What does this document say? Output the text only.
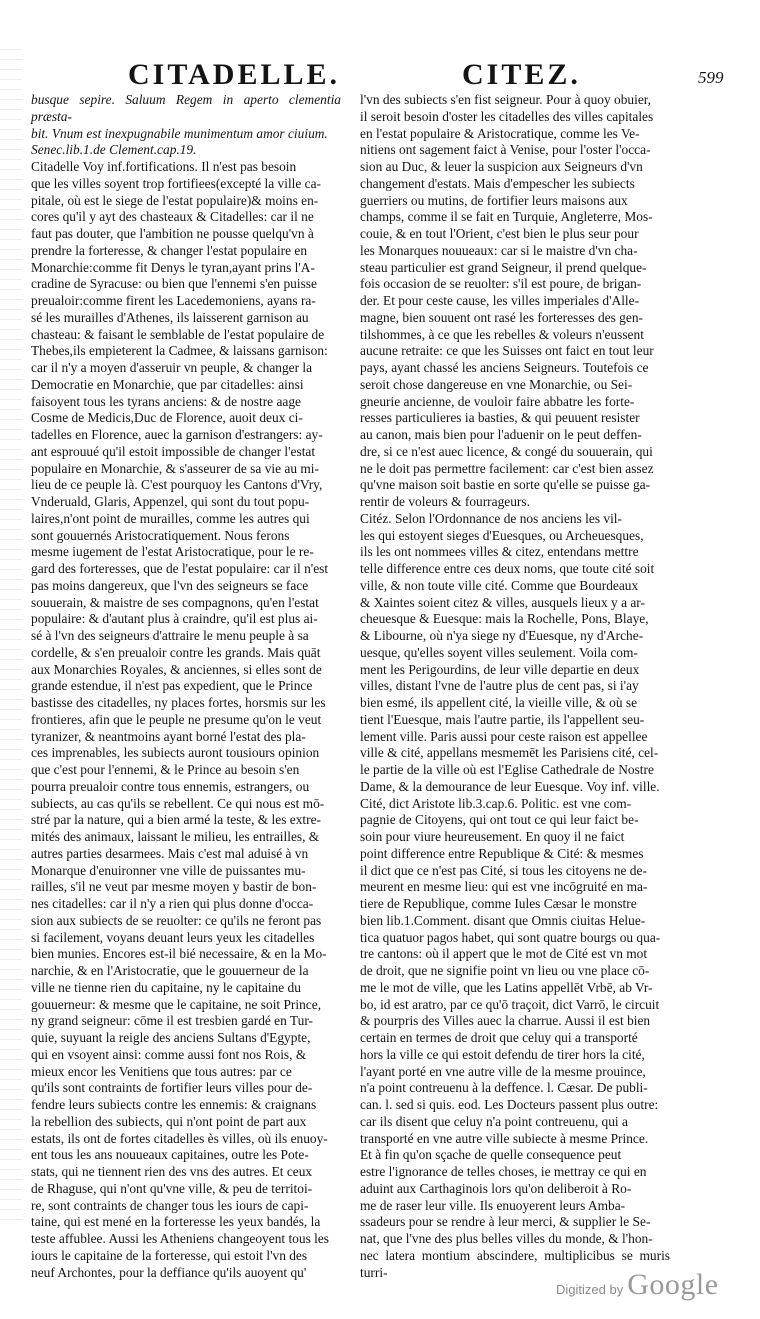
CITADELLE.	CITEZ.	599

busque sepire. Saluum Regem in aperto clementia præsta-

bit. Vnum est inexpugnabile munimentum amor ciuium.

Senec.lib.1.de Clement.cap.19.

Citadelle Voy inf.fortifications. Il n'est pas besoin

que les villes soyent trop fortifiees(excepté la ville ca-

pitale, où est le siege de l'estat populaire)& moins en-

cores qu'il y ayt des chasteaux & Citadelles: car il ne

faut pas douter, que l'ambition ne pousse quelqu'vn à

prendre la forteresse, & changer l'estat populaire en

Monarchie:comme fit Denys le tyran,ayant prins l'A-

cradine de Syracuse: ou bien que l'ennemi s'en puisse

preualoir:comme firent les Lacedemoniens, ayans ra-

sé les murailles d'Athenes, ils laisserent garnison au

chasteau: & faisant le semblable de l'estat populaire de

Thebes,ils empieterent la Cadmee, & laissans garnison:

car il n'y a moyen d'asseruir vn peuple, & changer la

Democratie en Monarchie, que par citadelles: ainsi

faisoyent tous les tyrans anciens: & de nostre aage

Cosme de Medicis,Duc de Florence, auoit deux ci-

tadelles en Florence, auec la garnison d'estrangers: ay-

ant esprouué qu'il estoit impossible de changer l'estat

populaire en Monarchie, & s'asseurer de sa vie au mi-

lieu de ce peuple là. C'est pourquoy les Cantons d'Vry,

Vnderuald, Glaris, Appenzel, qui sont du tout popu-

laires,n'ont point de murailles, comme les autres qui

sont gouuernés Aristocratiquement. Nous ferons

mesme iugement de l'estat Aristocratique, pour le re-

gard des forteresses, que de l'estat populaire: car il n'est

pas moins dangereux, que l'vn des seigneurs se face

souuerain, & maistre de ses compagnons, qu'en l'estat

populaire: & d'autant plus à craindre, qu'il est plus ai-

sé à l'vn des seigneurs d'attraire le menu peuple à sa

cordelle, & s'en preualoir contre les grands. Mais quāt

aux Monarchies Royales, & anciennes, si elles sont de

grande estendue, il n'est pas expedient, que le Prince

bastisse des citadelles, ny places fortes, horsmis sur les

frontieres, afin que le peuple ne presume qu'on le veut

tyranizer, & neantmoins ayant borné l'estat des pla-

ces imprenables, les subiects auront tousiours opinion

que c'est pour l'ennemi, & le Prince au besoin s'en

pourra preualoir contre tous ennemis, estrangers, ou

subiects, au cas qu'ils se rebellent. Ce qui nous est mō-

stré par la nature, qui a bien armé la teste, & les extre-

mités des animaux, laissant le milieu, les entrailles, &

autres parties desarmees. Mais c'est mal aduisé à vn

Monarque d'enuironner vne ville de puissantes mu-

railles, s'il ne veut par mesme moyen y bastir de bon-

nes citadelles: car il n'y a rien qui plus donne d'occa-

sion aux subiects de se reuolter: ce qu'ils ne feront pas

si facilement, voyans deuant leurs yeux les citadelles

bien munies. Encores est-il bié necessaire, & en la Mo-

narchie, & en l'Aristocratie, que le gouuerneur de la

ville ne tienne rien du capitaine, ny le capitaine du

gouuerneur: & mesme que le capitaine, ne soit Prince,

ny grand seigneur: cōme il est tresbien gardé en Tur-

quie, suyuant la reigle des anciens Sultans d'Egypte,

qui en vsoyent ainsi: comme aussi font nos Rois, &

mieux encor les Venitiens que tous autres: par ce

qu'ils sont contraints de fortifier leurs villes pour de-

fendre leurs subiects contre les ennemis: & craignans

la rebellion des subiects, qui n'ont point de part aux

estats, ils ont de fortes citadelles ès villes, où ils enuoy-

ent tous les ans nouueaux capitaines, outre les Pote-

stats, qui ne tiennent rien des vns des autres. Et ceux

de Rhaguse, qui n'ont qu'vne ville, & peu de territoi-

re, sont contraints de changer tous les iours de capi-

taine, qui est mené en la forteresse les yeux bandés, la

teste affublee. Aussi les Atheniens changeoyent tous les

iours le capitaine de la forteresse, qui estoit l'vn des

neuf Archontes, pour la deffiance qu'ils auoyent qu'

l'vn des subiects s'en fist seigneur. Pour à quoy obuier,

il seroit besoin d'oster les citadelles des villes capitales

en l'estat populaire & Aristocratique, comme les Ve-

nitiens ont sagement faict à Venise, pour l'oster l'occa-

sion au Duc, & leuer la suspicion aux Seigneurs d'vn

changement d'estats. Mais d'empescher les subiects

guerriers ou mutins, de fortifier leurs maisons aux

champs, comme il se fait en Turquie, Angleterre, Mos-

couie, & en tout l'Orient, c'est bien le plus seur pour

les Monarques nouueaux: car si le maistre d'vn cha-

steau particulier est grand Seigneur, il prend quelque-

fois occasion de se reuolter: s'il est poure, de brigan-

der. Et pour ceste cause, les villes imperiales d'Alle-

magne, bien souuent ont rasé les forteresses des gen-

tilshommes, à ce que les rebelles & voleurs n'eussent

aucune retraite: ce que les Suisses ont faict en tout leur

pays, ayant chassé les anciens Seigneurs. Toutefois ce

seroit chose dangereuse en vne Monarchie, ou Sei-

gneurie ancienne, de vouloir faire abbatre les forte-

resses particulieres ia basties, & qui peuuent resister

au canon, mais bien pour l'aduenir on le peut deffen-

dre, si ce n'est auec licence, & congé du souuerain, qui

ne le doit pas permettre facilement: car c'est bien assez

qu'vne maison soit bastie en sorte qu'elle se puisse ga-

rentir de voleurs & fourrageurs.

Citéz. Selon l'Ordonnance de nos anciens les vil-

les qui estoyent sieges d'Euesques, ou Archeuesques,

ils les ont nommees villes & citez, entendans mettre

telle difference entre ces deux noms, que toute cité soit

ville, & non toute ville cité. Comme que Bourdeaux

& Xaintes soient citez & villes, ausquels lieux y a ar-

cheuesque & Euesque: mais la Rochelle, Pons, Blaye,

& Libourne, où n'ya siege ny d'Euesque, ny d'Arche-

uesque, qu'elles soyent villes seulement. Voila com-

ment les Perigourdins, de leur ville departie en deux

villes, distant l'vne de l'autre plus de cent pas, si i'ay

bien esmé, ils appellent cité, la vieille ville, & où se

tient l'Euesque, mais l'autre partie, ils l'appellent seu-

lement ville. Paris aussi pour ceste raison est appellee

ville & cité, appellans mesmemēt les Parisiens cité, cel-

le partie de la ville où est l'Eglise Cathedrale de Nostre

Dame, & la demourance de leur Euesque. Voy inf. ville.

Cité, dict Aristote lib.3.cap.6. Politic. est vne com-

pagnie de Citoyens, qui ont tout ce qui leur faict be-

soin pour viure heureusement. En quoy il ne faict

point difference entre Republique & Cité: & mesmes

il dict que ce n'est pas Cité, si tous les citoyens ne de-

meurent en mesme lieu: qui est vne incōgruité en ma-

tiere de Republique, comme Iules Cæsar le monstre

bien lib.1.Comment. disant que Omnis ciuitas Helue-

tica quatuor pagos habet, qui sont quatre bourgs ou qua-

tre cantons: où il appert que le mot de Cité est vn mot

de droit, que ne signifie point vn lieu ou vne place cō-

me le mot de ville, que les Latins appellēt Vrbē, ab Vr-

bo, id est aratro, par ce qu'ō traçoit, dict Varrō, le circuit

& pourpris des Villes auec la charrue. Aussi il est bien

certain en termes de droit que celuy qui a transporté

hors la ville ce qui estoit defendu de tirer hors la cité,

l'ayant porté en vne autre ville de la mesme prouince,

n'a point contreuenu à la deffence. l. Cæsar. De publi-

can. l. sed si quis. eod. Les Docteurs passent plus outre:

car ils disent que celuy n'a point contreuenu, qui a

transporté en vne autre ville subiecte à mesme Prince.

Et à fin qu'on sçache de quelle consequence peut

estre l'ignorance de telles choses, ie mettray ce qui en

aduint aux Carthaginois lors qu'on deliberoit à Ro-

me de raser leur ville. Ils enuoyerent leurs Amba-

ssadeurs pour se rendre à leur merci, & supplier le Se-

nat, que l'vne des plus belles villes du monde, & l'hon-

nec latera montium abscindere, multiplicibus se muris turri-

Digitized by Google
